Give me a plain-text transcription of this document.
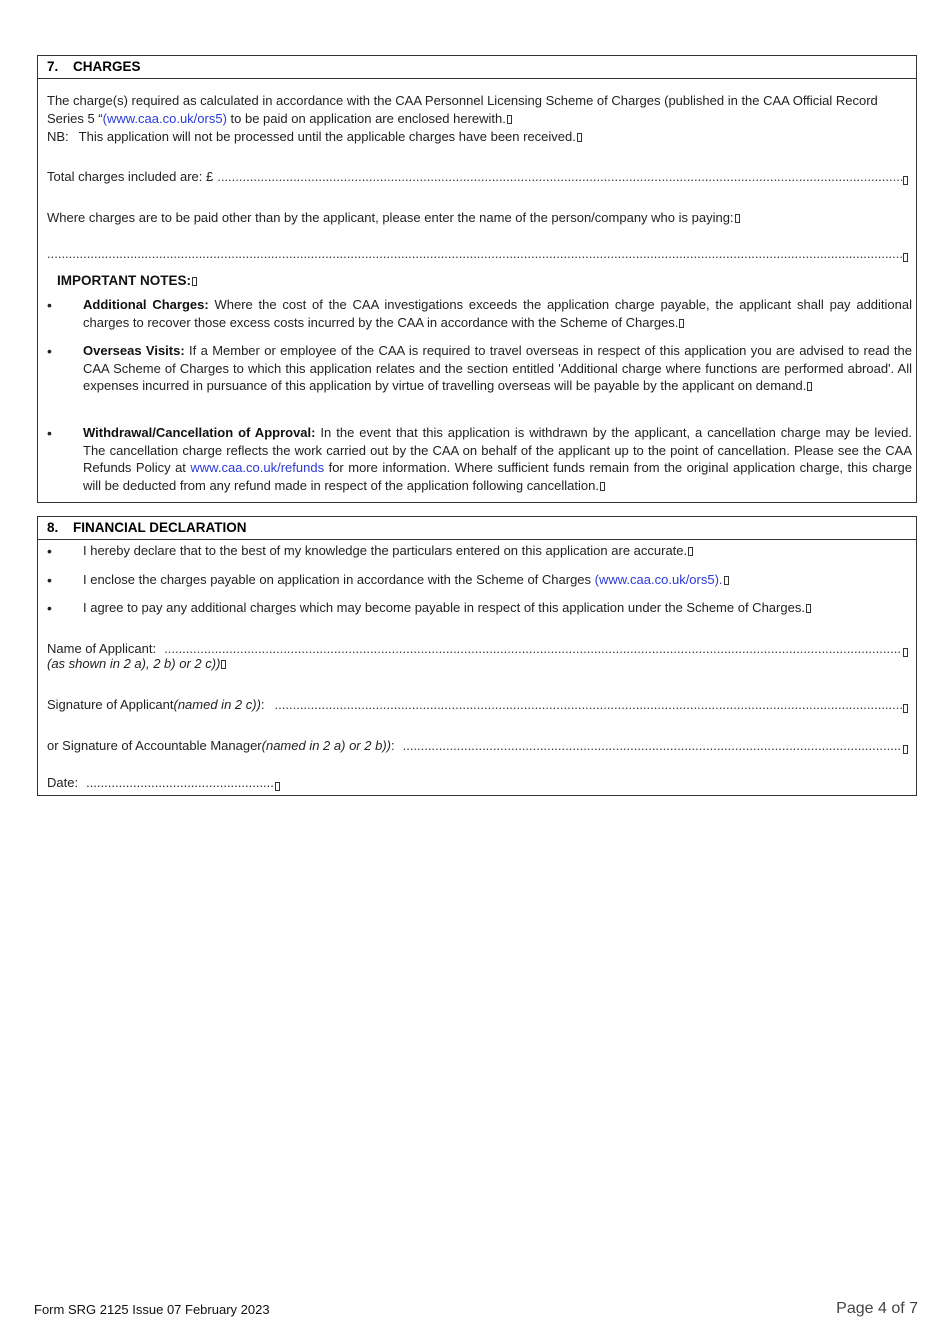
7. CHARGES
The charge(s) required as calculated in accordance with the CAA Personnel Licensing Scheme of Charges (published in the CAA Official Record Series 5 “(www.caa.co.uk/ors5) to be paid on application are enclosed herewith.
NB: This application will not be processed until the applicable charges have been received.
Total charges included are: £
.....
Where charges are to be paid other than by the applicant, please enter the name of the person/company who is paying:
.....
IMPORTANT NOTES:
•	Additional Charges: Where the cost of the CAA investigations exceeds the application charge payable, the applicant shall pay additional charges to recover those excess costs incurred by the CAA in accordance with the Scheme of Charges.
•	Overseas Visits: If a Member or employee of the CAA is required to travel overseas in respect of this application you are advised to read the CAA Scheme of Charges to which this application relates and the section entitled 'Additional charge where functions are performed abroad'. All expenses incurred in pursuance of this application by virtue of travelling overseas will be payable by the applicant on demand.
•	Withdrawal/Cancellation of Approval: In the event that this application is withdrawn by the applicant, a cancellation charge may be levied. The cancellation charge reflects the work carried out by the CAA on behalf of the applicant up to the point of cancellation. Please see the CAA Refunds Policy at www.caa.co.uk/refunds for more information. Where sufficient funds remain from the original application charge, this charge will be deducted from any refund made in respect of the application following cancellation.
8. FINANCIAL DECLARATION
•	I hereby declare that to the best of my knowledge the particulars entered on this application are accurate.
•	I enclose the charges payable on application in accordance with the Scheme of Charges (www.caa.co.uk/ors5).
•	I agree to pay any additional charges which may become payable in respect of this application under the Scheme of Charges.
Name of Applicant:
.....
(as shown in 2 a), 2 b) or 2 c))
Signature of Applicant (named in 2 c)) :
.....
or Signature of Accountable Manager (named in 2 a) or 2 b)) :
.....
Date: ....................................................
Form SRG 2125 Issue 07 February 2023	Page 4 of 7
